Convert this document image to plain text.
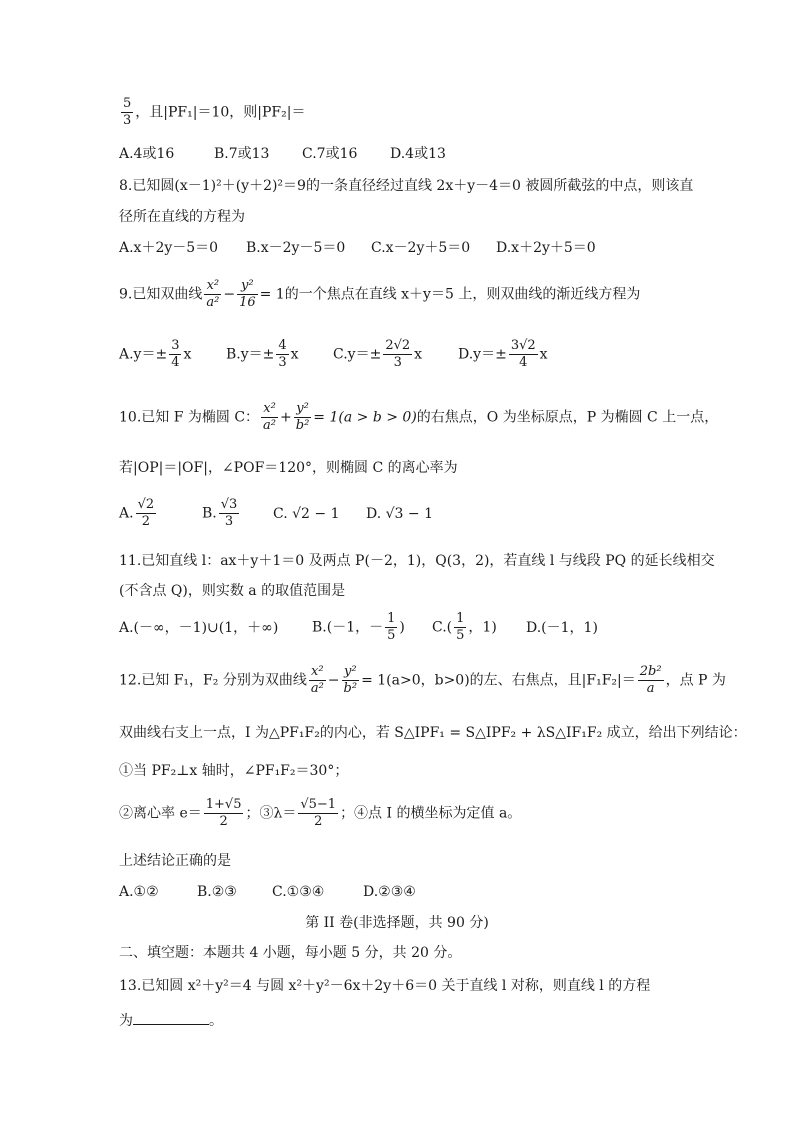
$\frac{5}{3}$ ，且|PF₁|＝10，则|PF₂|＝
A.4或16	B.7或13 C.7或16 D.4或13
8.已知圆(x－1)²＋(y＋2)²＝9的一条直径经过直线 2x＋y－4＝0 被圆所截弦的中点，则该直
径所在直线的方程为
A.x＋2y－5＝0 B.x－2y－5＝0 C.x－2y＋5＝0 D.x＋2y＋5＝0
9.已知双曲线 $\frac{\text{x²}}{\text{a²}} - \frac{\text{y²}}{16} = 1$的一个焦点在直线 x＋y＝5 上，则双曲线的渐近线方程为
$A.y=\pm \frac{3}{4}$ x $B.y=\pm \frac{4}{3}$ x $C.y=\pm \frac{2√2}{3}$ x	$D.y=\pm \frac{3√2}{4}$ x
10.已知 F 为椭圆 C： $\frac{\text{x²}}{\text{a²}} + \frac{\text{y²}}{\text{b²}} = 1(a > b > 0)$的右焦点，O 为坐标原点，P 为椭圆 C 上一点，
若|OP|＝|OF|，∠POF＝120°，则椭圆 C 的离心率为
A. $\frac{√2}{2}$	B. $\frac{√3}{3} C$. √2 − 1 D. √3 − 1
11.已知直线 l：ax＋y＋1＝0 及两点 P(－2，1)，Q(3，2)，若直线 l 与线段 PQ 的延长线相交
(不含点 Q)，则实数 a 的取值范围是
A.(－∞，－1)∪(1，＋∞) B.(－1，－ $\frac{1}{5}$ ) $C.( \frac{1}{5}$ ，1) D.(－1，1)
12.已知 F₁，F₂ 分别为双曲线 $\frac{\text{x²}}{\text{a²}} - \frac{\text{y²}}{\text{b²}} = 1(a>0$，b>0)的左、右焦点，且$|F_1F_2|= \frac{\text{2b²}}{a}$ ，点 P 为
双曲线右支上一点，I 为△PF₁F₂的内心，若 S△IPF₁ = S△IPF₂ + λS△IF₁F₂ 成立，给出下列结论：
①当 PF₂⊥x 轴时，∠PF₁F₂＝30°；
②离心率 $e= \frac{1+√5}{2}$ ；③λ＝ $\frac{√5-1}{2}$ ；④点 I 的横坐标为定值 a。
上述结论正确的是
A.①②	B.②③	C.①③④	D.②③④
第 II 卷(非选择题，共 90 分)
二、填空题：本题共 4 小题，每小题 5 分，共 20 分。
13.已知圆 x²＋y²＝4 与圆 x²＋y²－6x＋2y＋6＝0 关于直线 l 对称，则直线 l 的方程
为	。
